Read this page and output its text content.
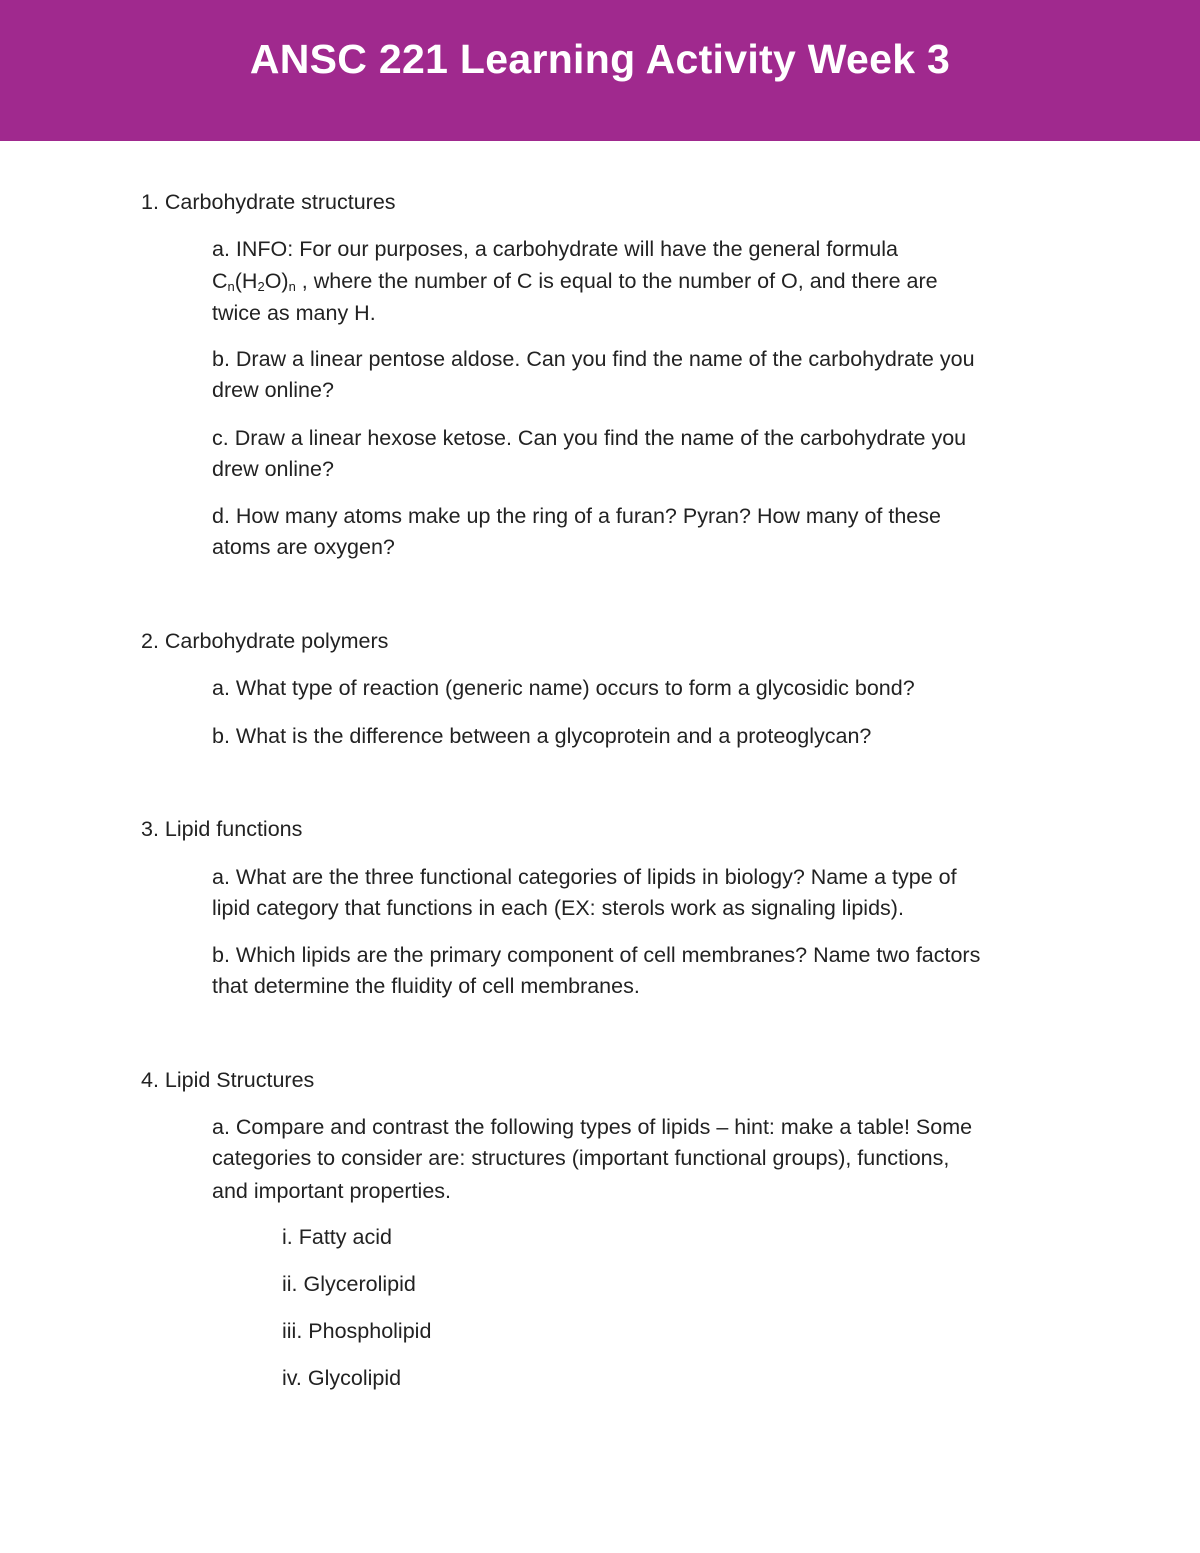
ANSC 221 Learning Activity Week 3
1. Carbohydrate structures
a. INFO: For our purposes, a carbohydrate will have the general formula
$C_n(H_2O)_n$ , where the number of C is equal to the number of O, and there are
twice as many H.
b. Draw a linear pentose aldose. Can you find the name of the carbohydrate you
drew online?
c. Draw a linear hexose ketose. Can you find the name of the carbohydrate you
drew online?
d. How many atoms make up the ring of a furan? Pyran? How many of these
atoms are oxygen?
2. Carbohydrate polymers
a. What type of reaction (generic name) occurs to form a glycosidic bond?
b. What is the difference between a glycoprotein and a proteoglycan?
3. Lipid functions
a. What are the three functional categories of lipids in biology? Name a type of
lipid category that functions in each (EX: sterols work as signaling lipids).
b. Which lipids are the primary component of cell membranes? Name two factors
that determine the fluidity of cell membranes.
4. Lipid Structures
a. Compare and contrast the following types of lipids – hint: make a table! Some
categories to consider are: structures (important functional groups), functions,
and important properties.
i. Fatty acid
ii. Glycerolipid
iii. Phospholipid
iv. Glycolipid
